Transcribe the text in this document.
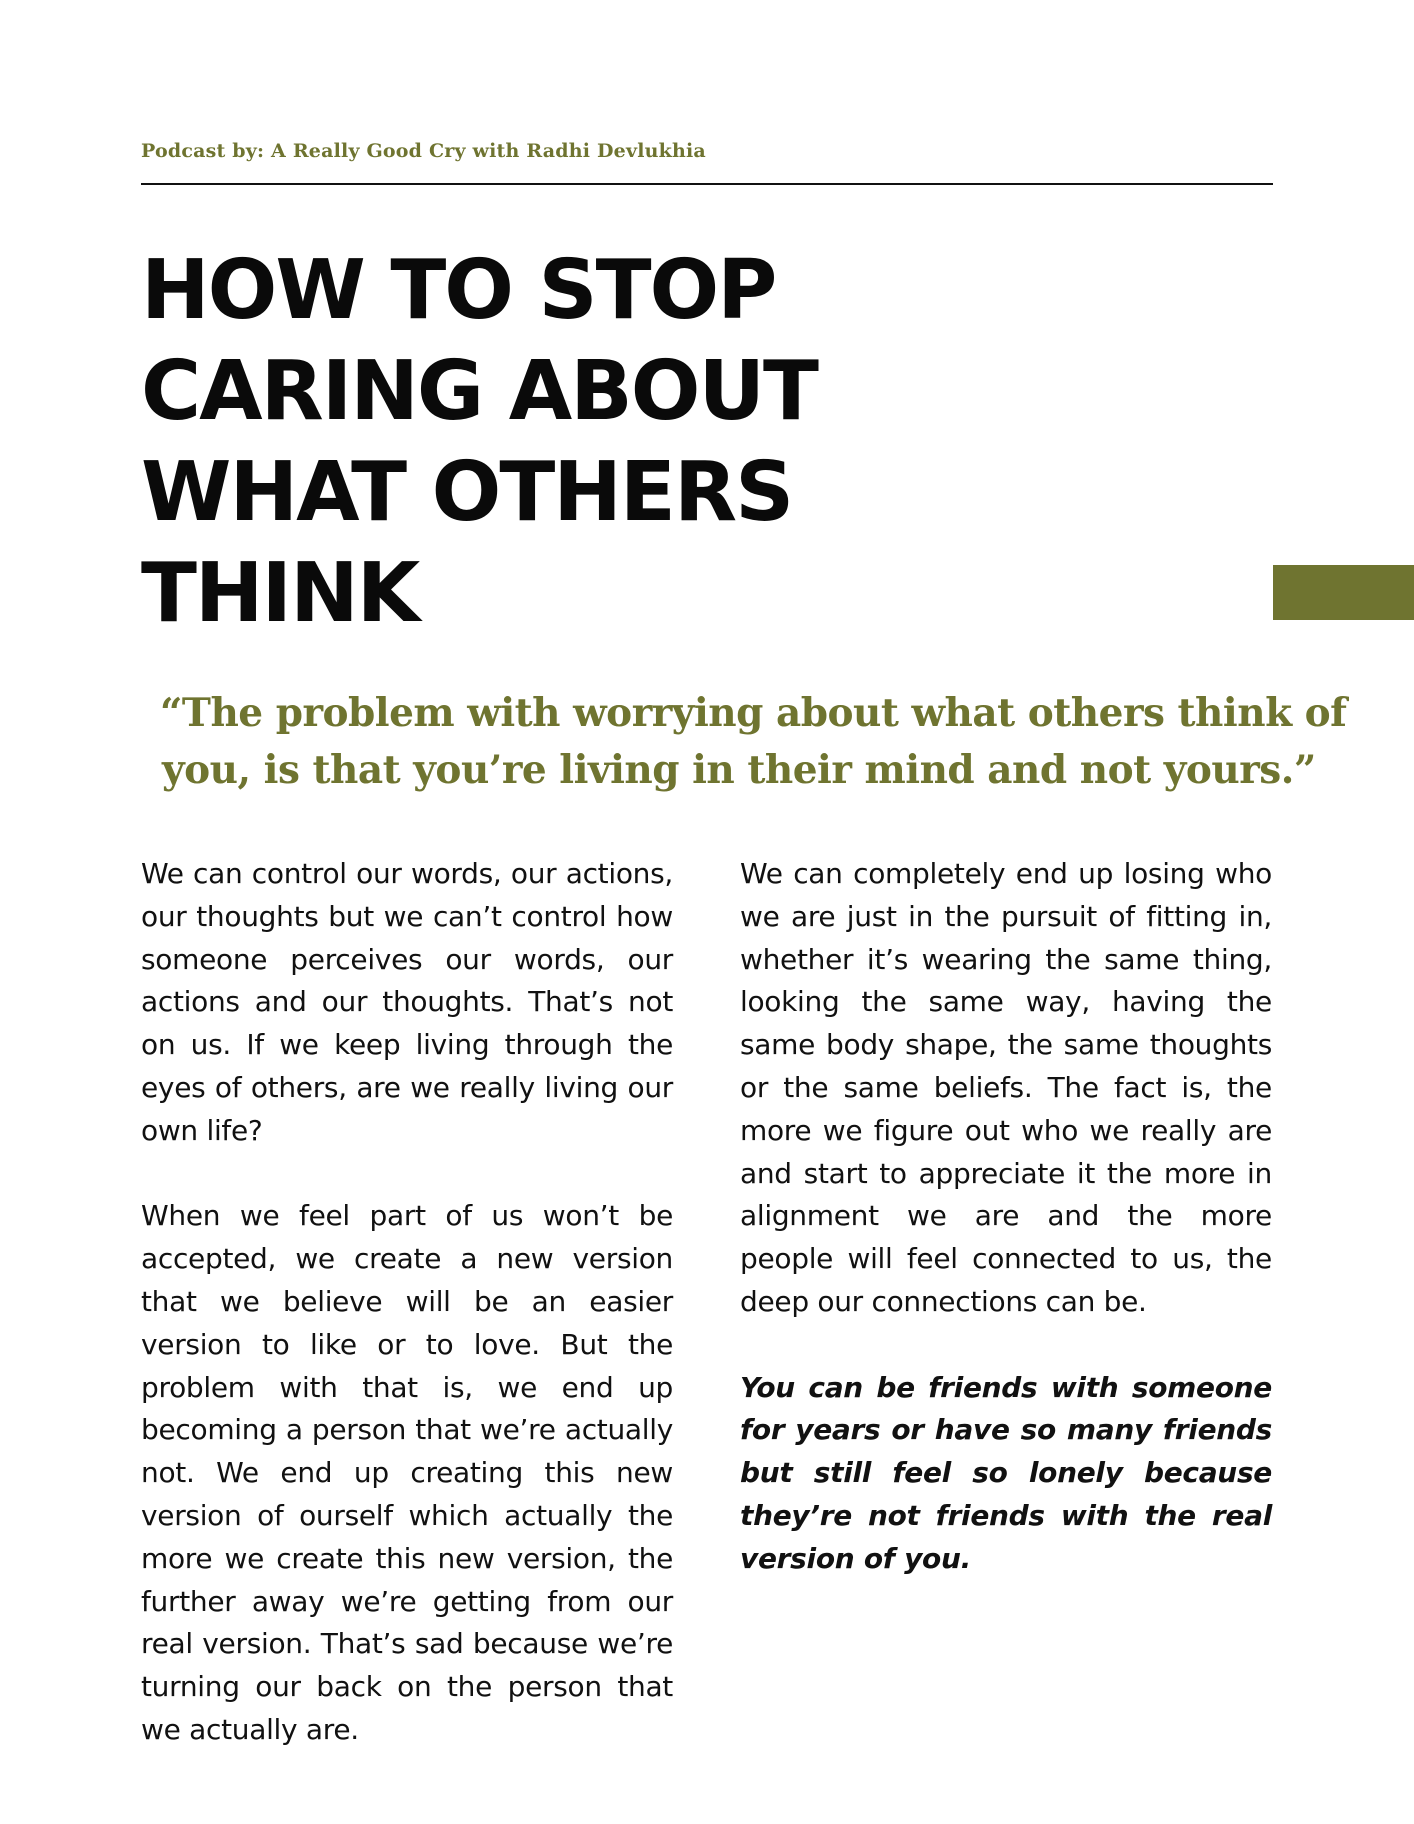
Podcast by: A Really Good Cry with Radhi Devlukhia
HOW TO STOP
CARING ABOUT
WHAT OTHERS
THINK
“The problem with worrying about what others think of
you, is that you’re living in their mind and not yours.”

We can control our words, our actions, our thoughts but we can’t control how someone perceives our words, our actions and our thoughts. That’s not on us. If we keep living through the eyes of others, are we really living our own life?

When we feel part of us won’t be accepted, we create a new version that we believe will be an easier version to like or to love. But the problem with that is, we end up becoming a person that we’re actually not. We end up creating this new version of ourself which actually the more we create this new version, the further away we’re getting from our real version. That’s sad because we’re turning our back on the person that we actually are.

We can completely end up losing who we are just in the pursuit of fitting in, whether it’s wearing the same thing, looking the same way, having the same body shape, the same thoughts or the same beliefs. The fact is, the more we figure out who we really are and start to appreciate it the more in alignment we are and the more people will feel connected to us, the deep our connections can be.

You can be friends with someone for years or have so many friends but still feel so lonely because they’re not friends with the real version of you.
